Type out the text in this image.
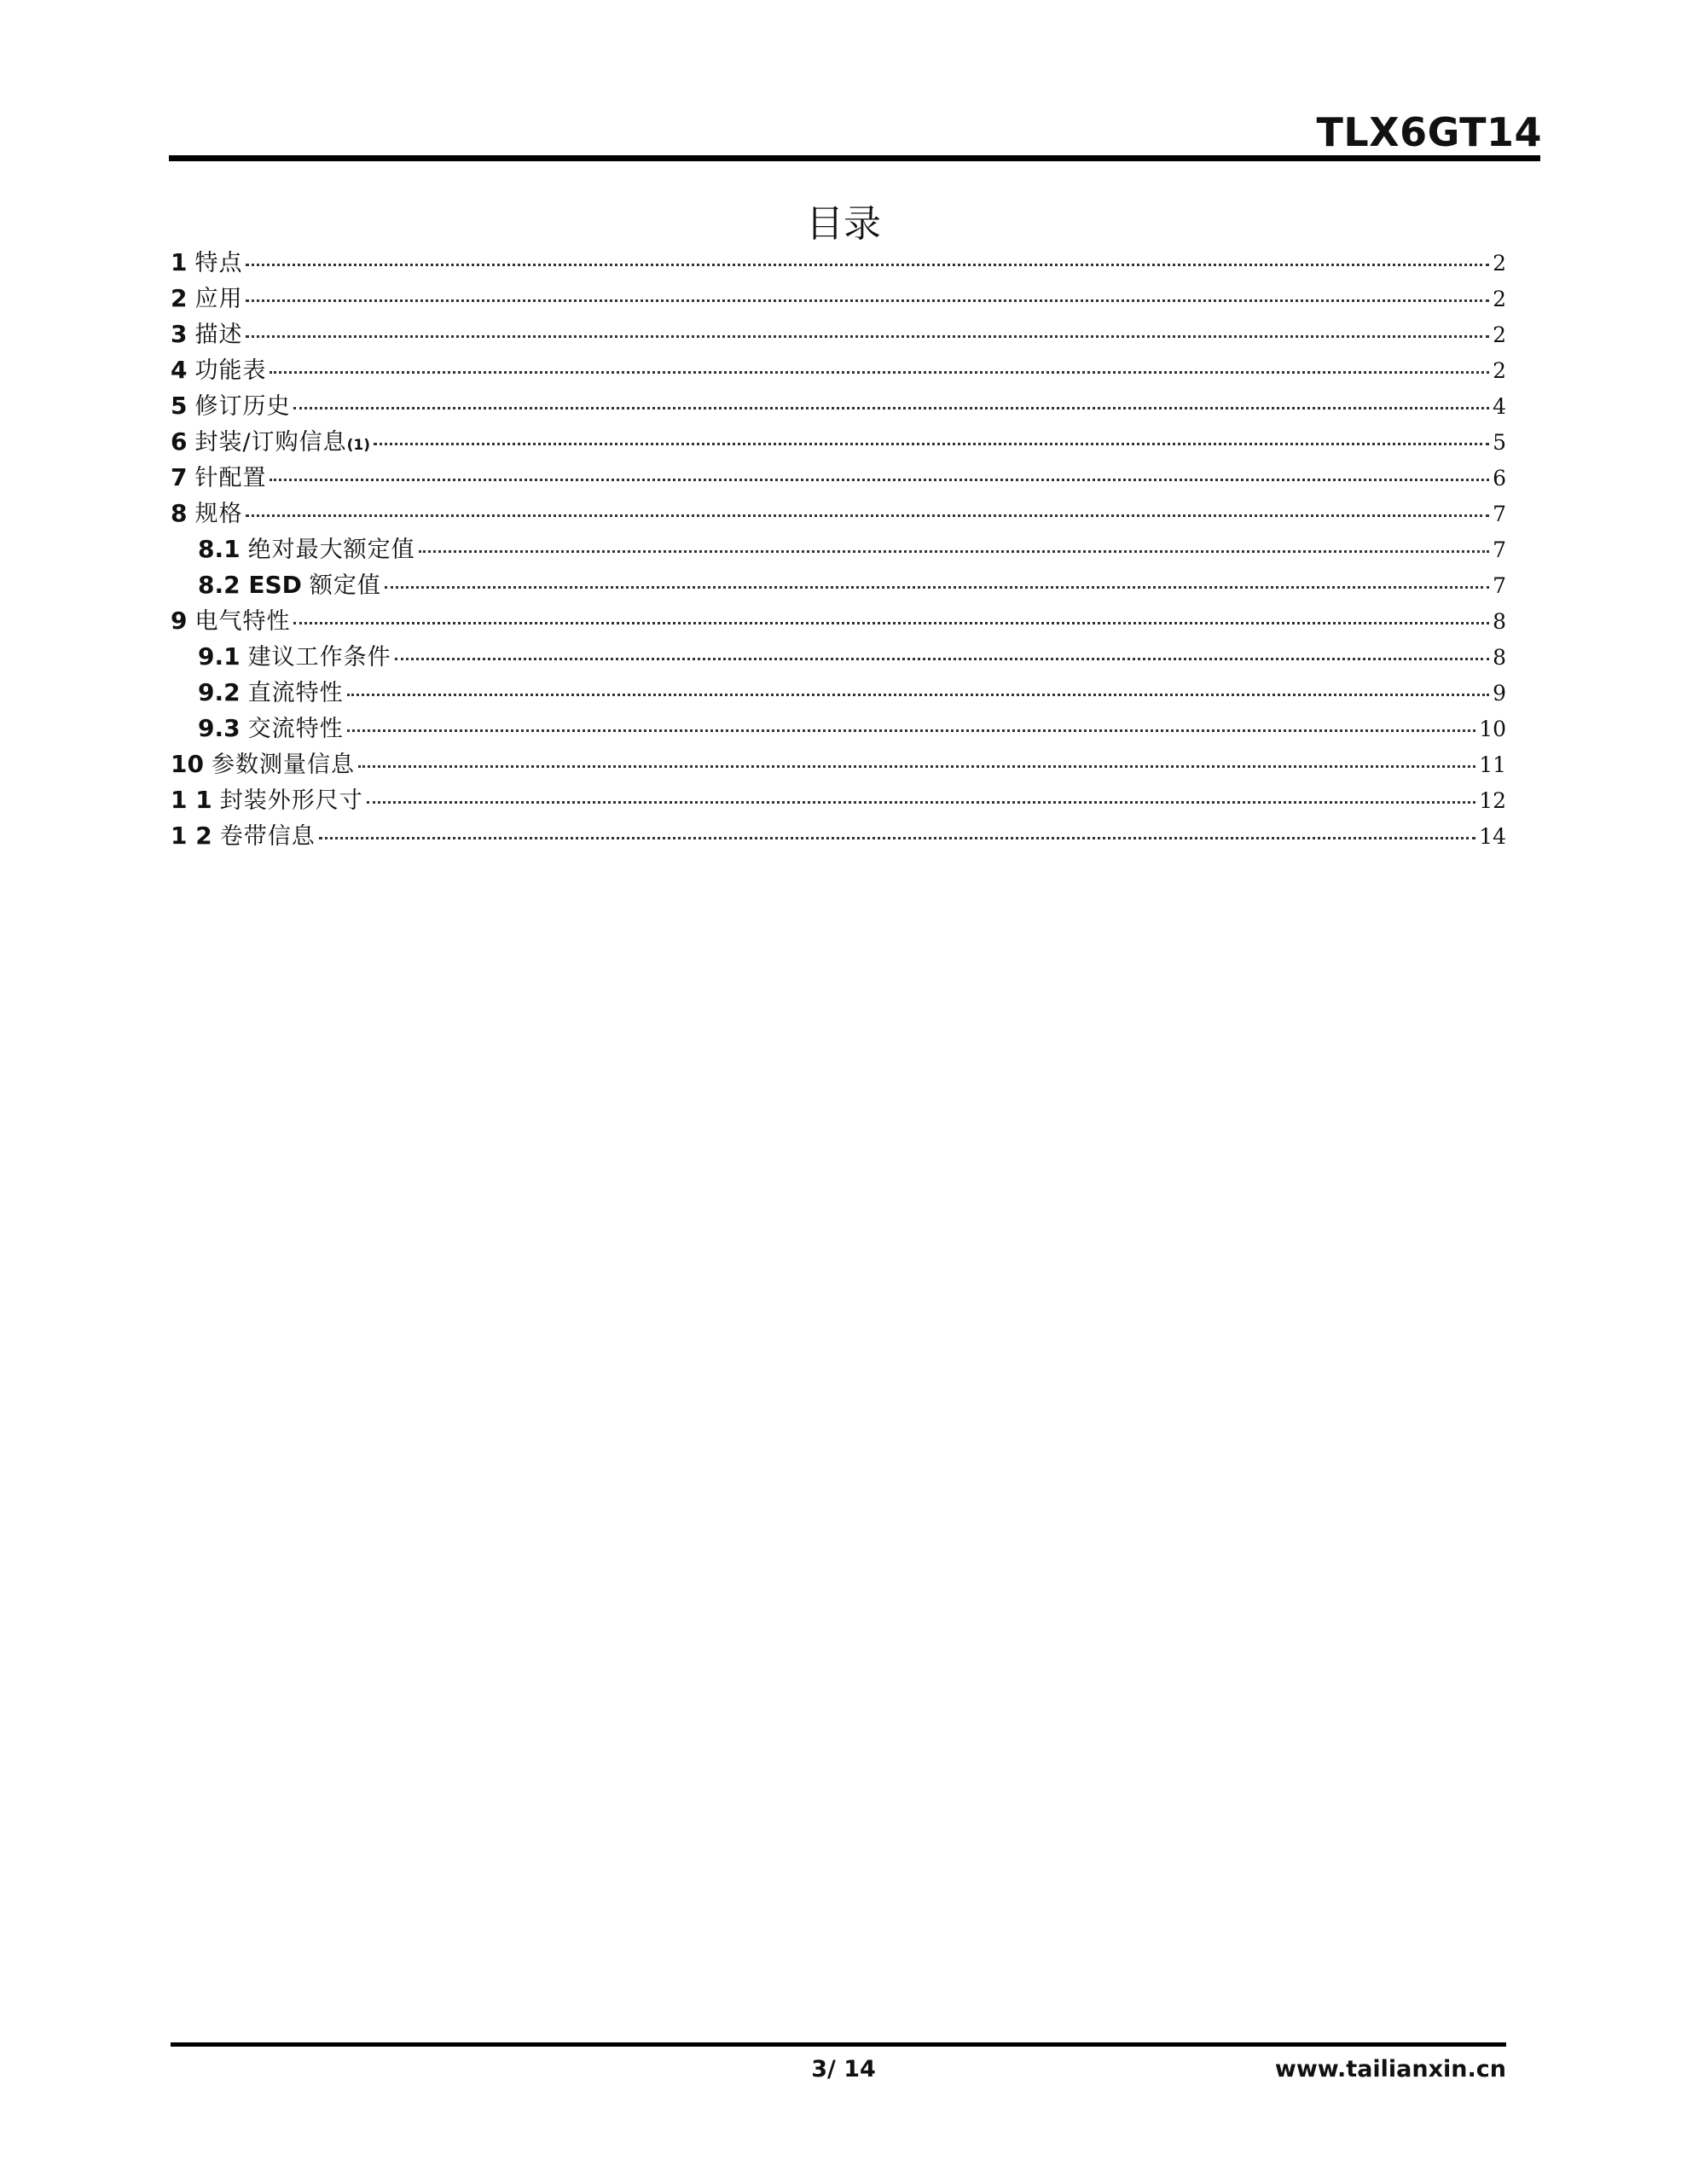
TLX6GT14
目录
1 特点	2
2 应用	2
3 描述	2
4 功能表	2
5 修订历史	4
6 封装/订购信息 (1)	5
7 针配置	6
8 规格	7
8.1 绝对最大额定值	7
8.2 ESD 额定值	7
9 电气特性	8
9.1 建议工作条件	8
9.2 直流特性	9
9.3 交流特性	10
10 参数测量信息	11
1 1 封装外形尺寸	12
1 2 卷带信息	14
3/ 14	www.tailianxin.cn
